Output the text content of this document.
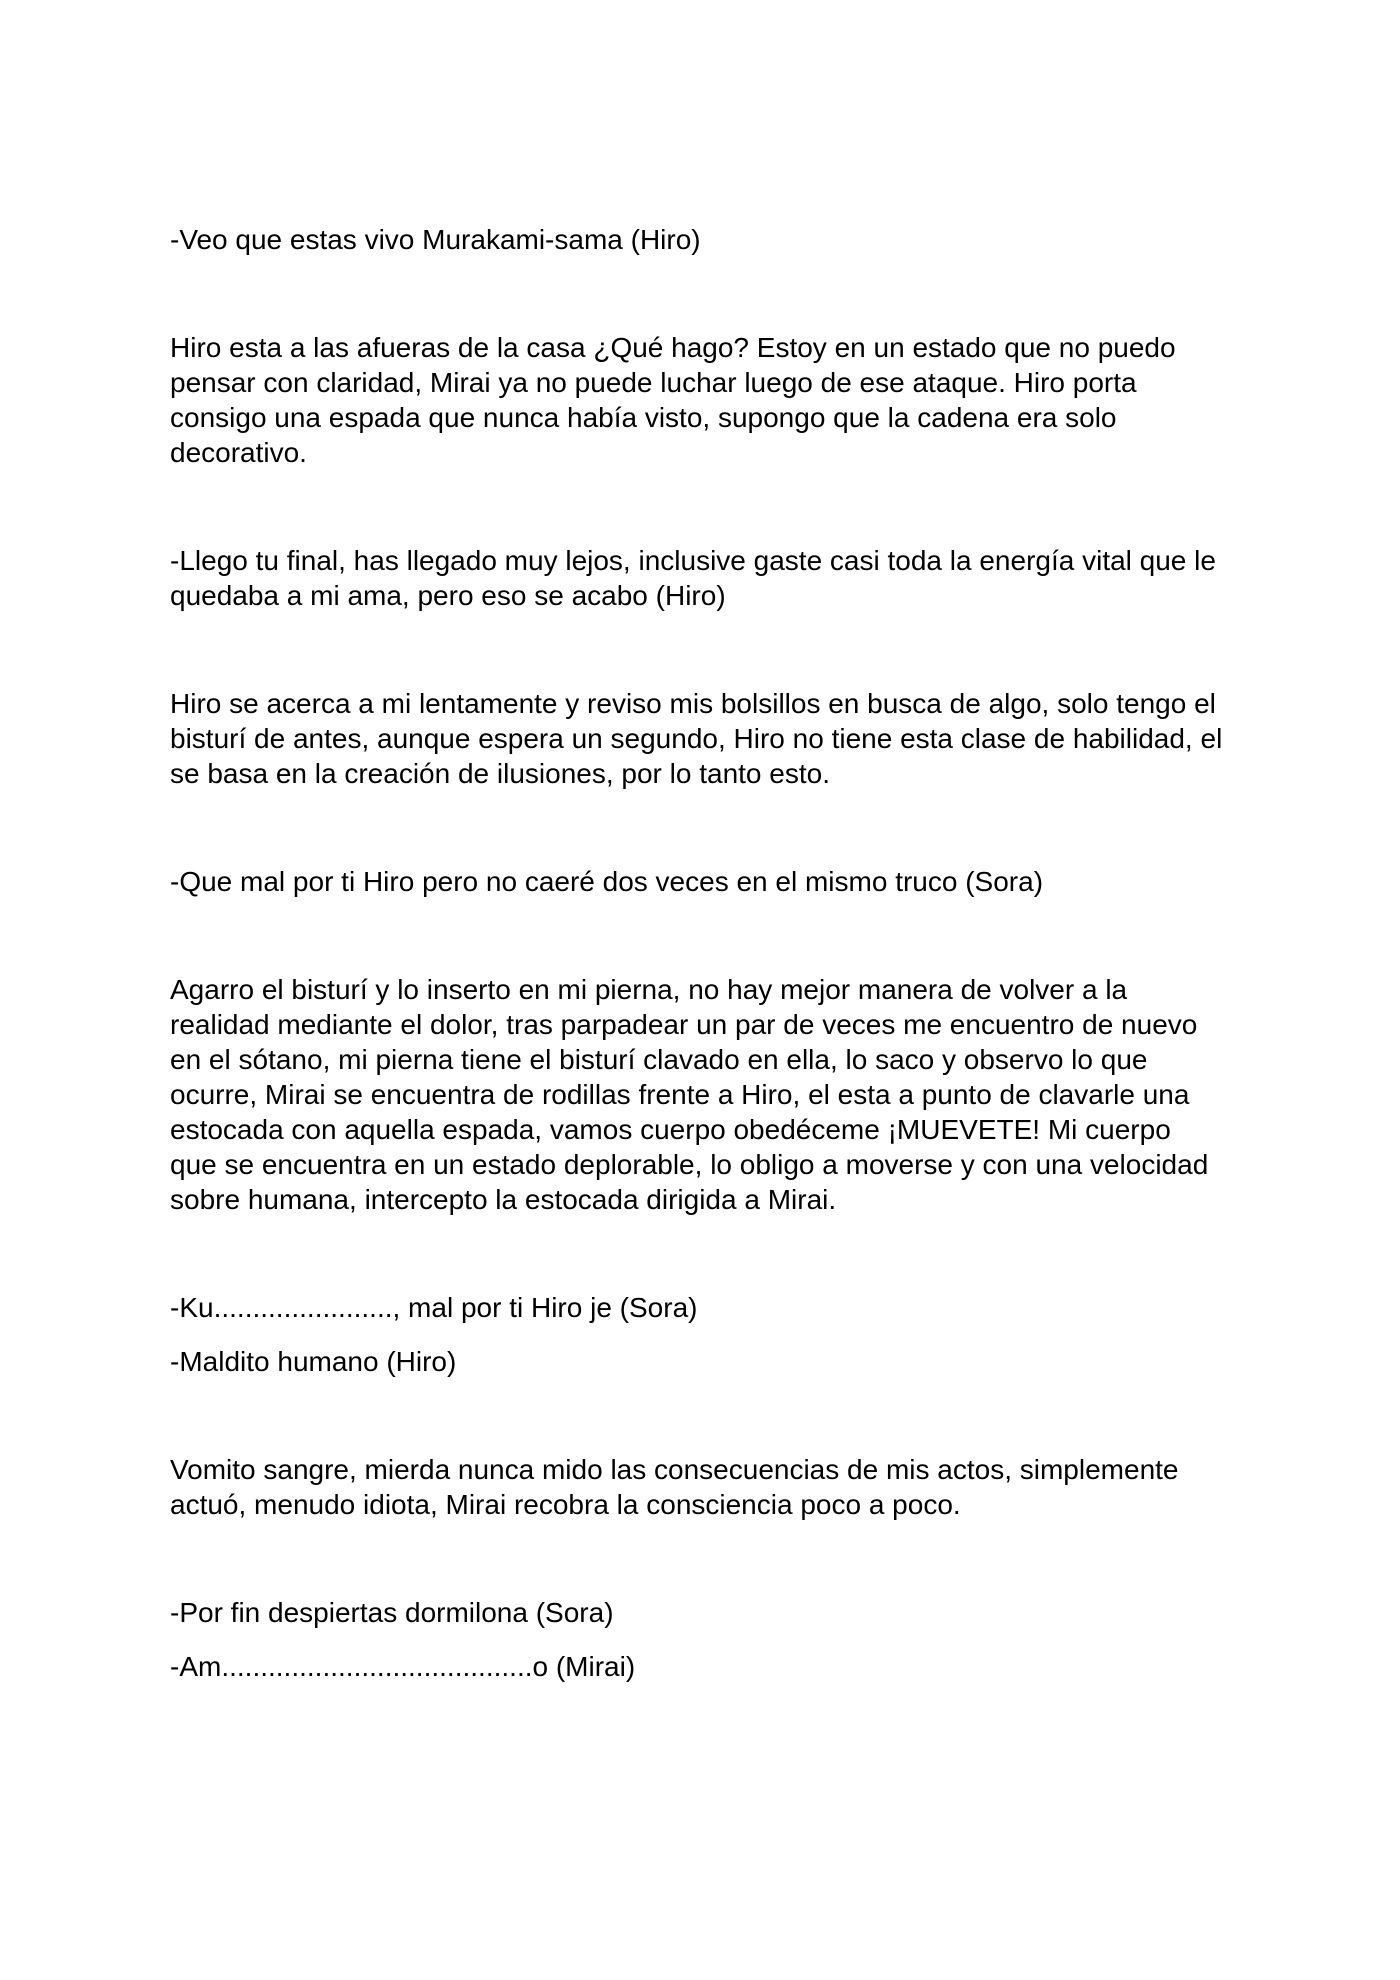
-Veo que estas vivo Murakami-sama (Hiro)
Hiro esta a las afueras de la casa ¿Qué hago? Estoy en un estado que no puedo
pensar con claridad, Mirai ya no puede luchar luego de ese ataque. Hiro porta
consigo una espada que nunca había visto, supongo que la cadena era solo
decorativo.
-Llego tu final, has llegado muy lejos, inclusive gaste casi toda la energía vital que le
quedaba a mi ama, pero eso se acabo (Hiro)
Hiro se acerca a mi lentamente y reviso mis bolsillos en busca de algo, solo tengo el
bisturí de antes, aunque espera un segundo, Hiro no tiene esta clase de habilidad, el
se basa en la creación de ilusiones, por lo tanto esto.
-Que mal por ti Hiro pero no caeré dos veces en el mismo truco (Sora)
Agarro el bisturí y lo inserto en mi pierna, no hay mejor manera de volver a la
realidad mediante el dolor, tras parpadear un par de veces me encuentro de nuevo
en el sótano, mi pierna tiene el bisturí clavado en ella, lo saco y observo lo que
ocurre, Mirai se encuentra de rodillas frente a Hiro, el esta a punto de clavarle una
estocada con aquella espada, vamos cuerpo obedéceme ¡MUEVETE! Mi cuerpo
que se encuentra en un estado deplorable, lo obligo a moverse y con una velocidad
sobre humana, intercepto la estocada dirigida a Mirai.
-Ku......................., mal por ti Hiro je (Sora)
-Maldito humano (Hiro)
Vomito sangre, mierda nunca mido las consecuencias de mis actos, simplemente
actuó, menudo idiota, Mirai recobra la consciencia poco a poco.
-Por fin despiertas dormilona (Sora)
-Am........................................o (Mirai)
